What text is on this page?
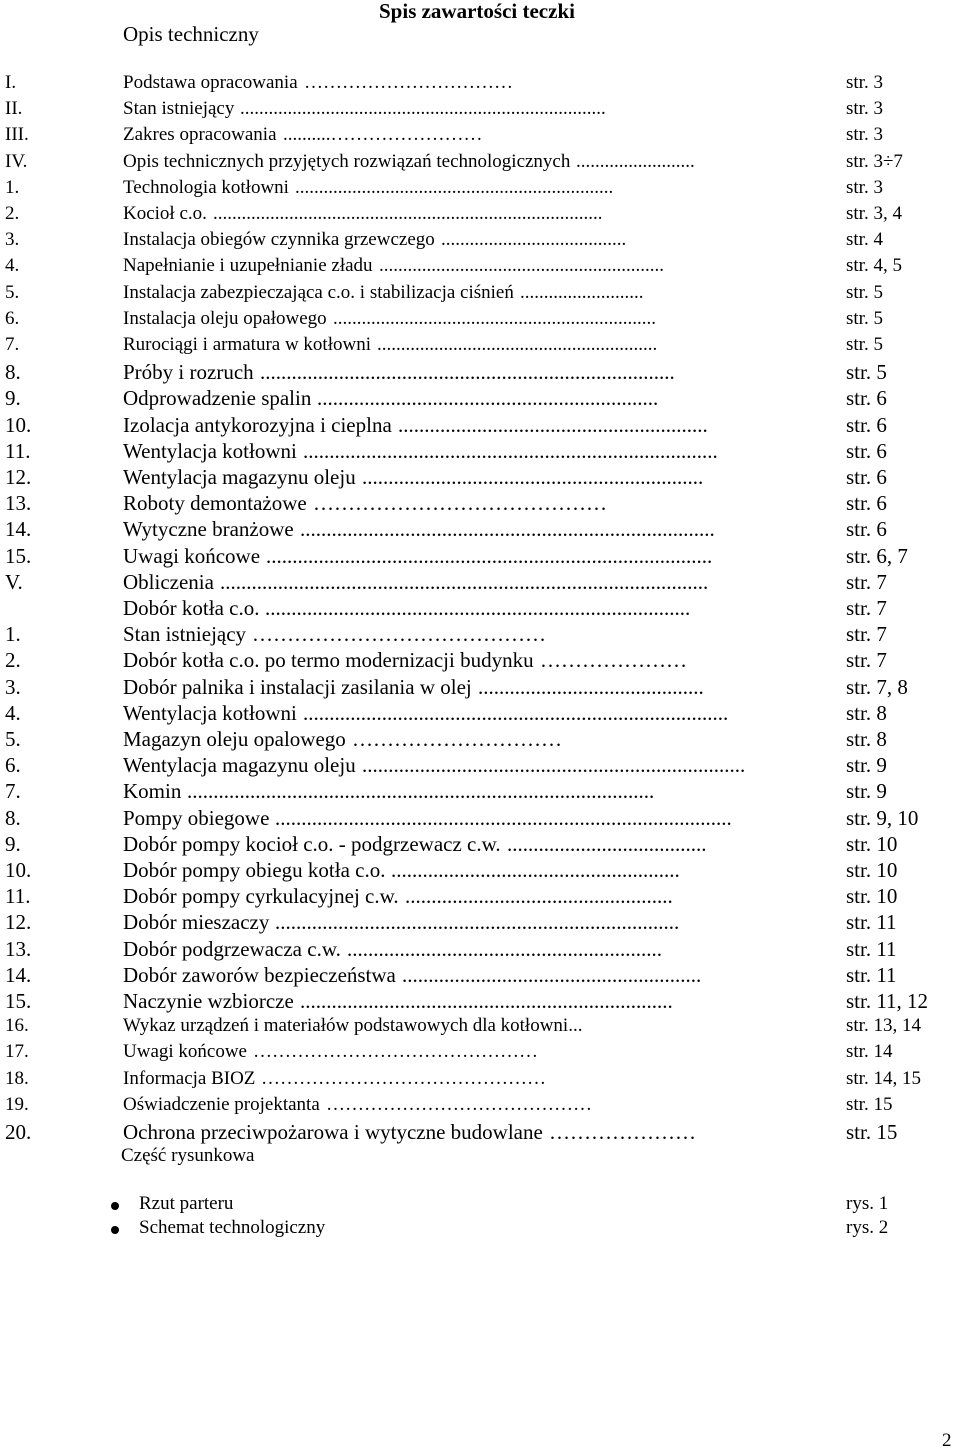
Spis zawartości teczki
Opis techniczny
I.	Podstawa opracowania ……………………………	str. 3
II.	Stan istniejący .............................................................................	str. 3
III.	Zakres opracowania ..........……………………	str. 3
IV.	Opis technicznych przyjętych rozwiązań technologicznych .........................	str. 3÷7
1.	Technologia kotłowni ...................................................................	str. 3
2.	Kocioł c.o. ..................................................................................	str. 3, 4
3.	Instalacja obiegów czynnika grzewczego .......................................	str. 4
4.	Napełnianie i uzupełnianie zładu ............................................................	str. 4, 5
5.	Instalacja zabezpieczająca c.o. i stabilizacja ciśnień ..........................	str. 5
6.	Instalacja oleju opałowego ....................................................................	str. 5
7.	Rurociągi i armatura w kotłowni ...........................................................	str. 5
8.	Próby i rozruch ...............................................................................	str. 5
9.	Odprowadzenie spalin .................................................................	str. 6
10.	Izolacja antykorozyjna i cieplna ...........................................................	str. 6
11.	Wentylacja kotłowni ...............................................................................	str. 6
12.	Wentylacja magazynu oleju .................................................................	str. 6
13.	Roboty demontażowe ……………………………………	str. 6
14.	Wytyczne branżowe ...............................................................................	str. 6
15.	Uwagi końcowe .....................................................................................	str. 6, 7
V.	Obliczenia .............................................................................................	str. 7
Dobór kotła c.o. .................................................................................	str. 7
1.	Stan istniejący ……………………………………	str. 7
2.	Dobór kotła c.o. po termo modernizacji budynku …………………	str. 7
3.	Dobór palnika i instalacji zasilania w olej ...........................................	str. 7, 8
4.	Wentylacja kotłowni .................................................................................	str. 8
5.	Magazyn oleju opalowego …………………………	str. 8
6.	Wentylacja magazynu oleju .........................................................................	str. 9
7.	Komin .........................................................................................	str. 9
8.	Pompy obiegowe .......................................................................................	str. 9, 10
9.	Dobór pompy kocioł c.o. - podgrzewacz c.w. ......................................	str. 10
10.	Dobór pompy obiegu kotła c.o. .......................................................	str. 10
11.	Dobór pompy cyrkulacyjnej c.w. ...................................................	str. 10
12.	Dobór mieszaczy .............................................................................	str. 11
13.	Dobór podgrzewacza c.w. ............................................................	str. 11
14.	Dobór zaworów bezpieczeństwa .........................................................	str. 11
15.	Naczynie wzbiorcze .......................................................................	str. 11, 12
16.	Wykaz urządzeń i materiałów podstawowych dla kotłowni...	str. 13, 14
17.	Uwagi końcowe ………………………………………	str. 14
18.	Informacja BIOZ ………………………………………	str. 14, 15
19.	Oświadczenie projektanta ……………………………………	str. 15
20.	Ochrona przeciwpożarowa i wytyczne budowlane …………………	str. 15
Część rysunkowa
Rzut parteru	rys. 1
Schemat technologiczny	rys. 2
2
